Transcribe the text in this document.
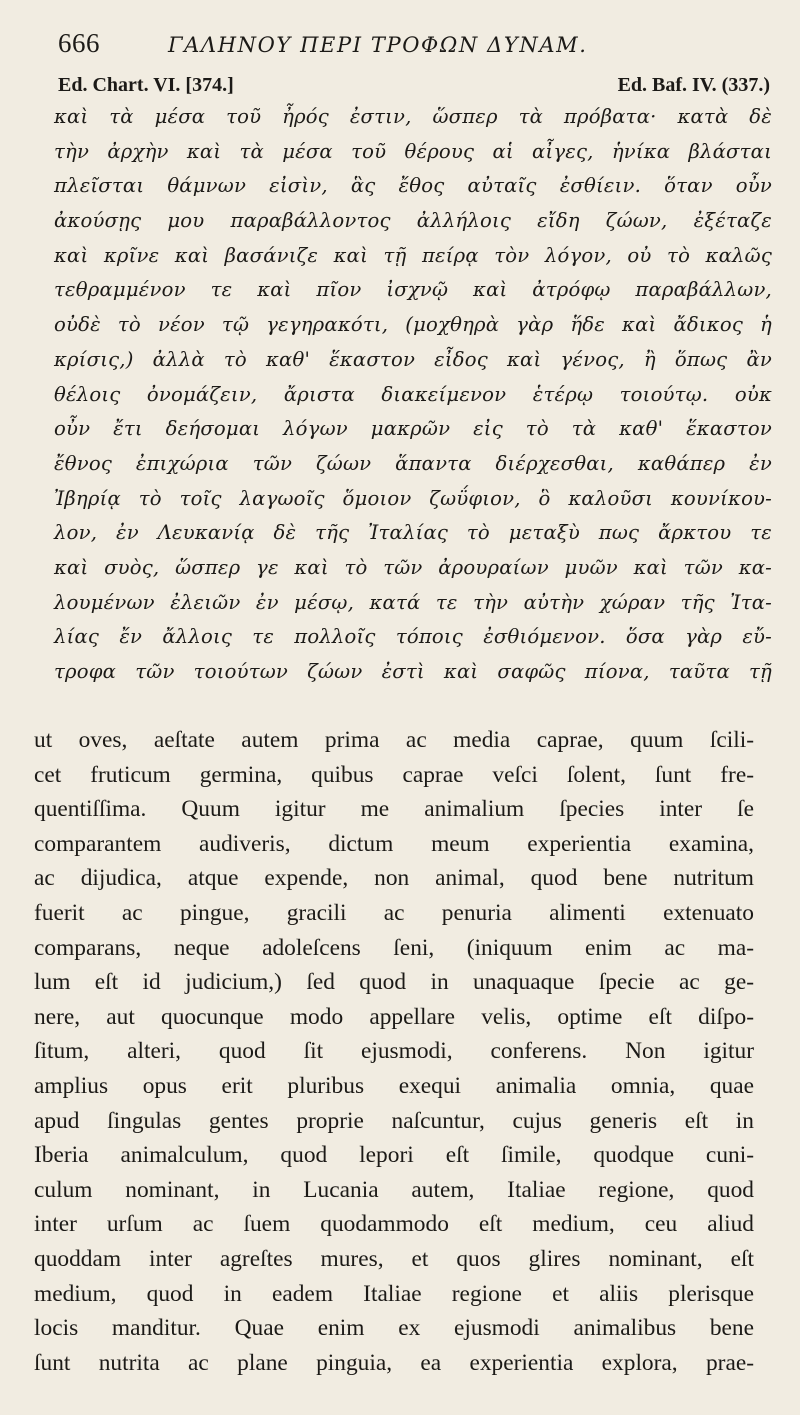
666	ΓΑΛΗΝΟΥ ΠΕΡΙ ΤΡΟΦΩΝ ΔΥΝΑΜ.
Ed. Chart. VI. [374.]	Ed. Baf. IV. (337.)
καὶ τὰ μέσα τοῦ ἦρός ἐστιν, ὥσπερ τὰ πρόβατα· κατὰ δὲ
τὴν ἀρχὴν καὶ τὰ μέσα τοῦ θέρους αἱ αἶγες, ἡνίκα βλάσται
πλεῖσται θάμνων εἰσὶν, ἃς ἔθος αὐταῖς ἐσθίειν. ὅταν οὖν
ἀκούσῃς μου παραβάλλοντος ἀλλήλοις εἴδη ζώων, ἐξέταζε
καὶ κρῖνε καὶ βασάνιζε καὶ τῇ πείρᾳ τὸν λόγον, οὐ τὸ καλῶς
τεθραμμένον τε καὶ πῖον ἰσχνῷ καὶ ἀτρόφῳ παραβάλλων,
οὐδὲ τὸ νέον τῷ γεγηρακότι, (μοχθηρὰ γὰρ ἥδε καὶ ἄδικος ἡ
κρίσις,) ἀλλὰ τὸ καθ' ἕκαστον εἶδος καὶ γένος, ἢ ὅπως ἂν
θέλοις ὀνομάζειν, ἄριστα διακείμενον ἑτέρῳ τοιούτῳ. οὐκ
οὖν ἔτι δεήσομαι λόγων μακρῶν εἰς τὸ τὰ καθ' ἕκαστον
ἔθνος ἐπιχώρια τῶν ζώων ἅπαντα διέρχεσθαι, καθάπερ ἐν
Ἰβηρίᾳ τὸ τοῖς λαγωοῖς ὅμοιον ζωΰφιον, ὃ καλοῦσι κουνίκου-
λον, ἐν Λευκανίᾳ δὲ τῆς Ἰταλίας τὸ μεταξὺ πως ἄρκτου τε
καὶ συὸς, ὥσπερ γε καὶ τὸ τῶν ἀρουραίων μυῶν καὶ τῶν κα-
λουμένων ἐλειῶν ἐν μέσῳ, κατά τε τὴν αὐτὴν χώραν τῆς Ἰτα-
λίας ἔν ἄλλοις τε πολλοῖς τόποις ἐσθιόμενον. ὅσα γὰρ εὔ-
τροφα τῶν τοιούτων ζώων ἐστὶ καὶ σαφῶς πίονα, ταῦτα τῇ
ut oves, aeſtate autem prima ac media caprae, quum ſcili-
cet fruticum germina, quibus caprae veſci ſolent, ſunt fre-
quentiſſima. Quum igitur me animalium ſpecies inter ſe
comparantem audiveris, dictum meum experientia examina,
ac dijudica, atque expende, non animal, quod bene nutritum
fuerit ac pingue, gracili ac penuria alimenti extenuato
comparans, neque adoleſcens ſeni, (iniquum enim ac ma-
lum eſt id judicium,) ſed quod in unaquaque ſpecie ac ge-
nere, aut quocunque modo appellare velis, optime eſt diſpo-
ſitum, alteri, quod ſit ejusmodi, conferens. Non igitur
amplius opus erit pluribus exequi animalia omnia, quae
apud ſingulas gentes proprie naſcuntur, cujus generis eſt in
Iberia animalculum, quod lepori eſt ſimile, quodque cuni-
culum nominant, in Lucania autem, Italiae regione, quod
inter urſum ac ſuem quodammodo eſt medium, ceu aliud
quoddam inter agreſtes mures, et quos glires nominant, eſt
medium, quod in eadem Italiae regione et aliis plerisque
locis manditur. Quae enim ex ejusmodi animalibus bene
ſunt nutrita ac plane pinguia, ea experientia explora, prae-
